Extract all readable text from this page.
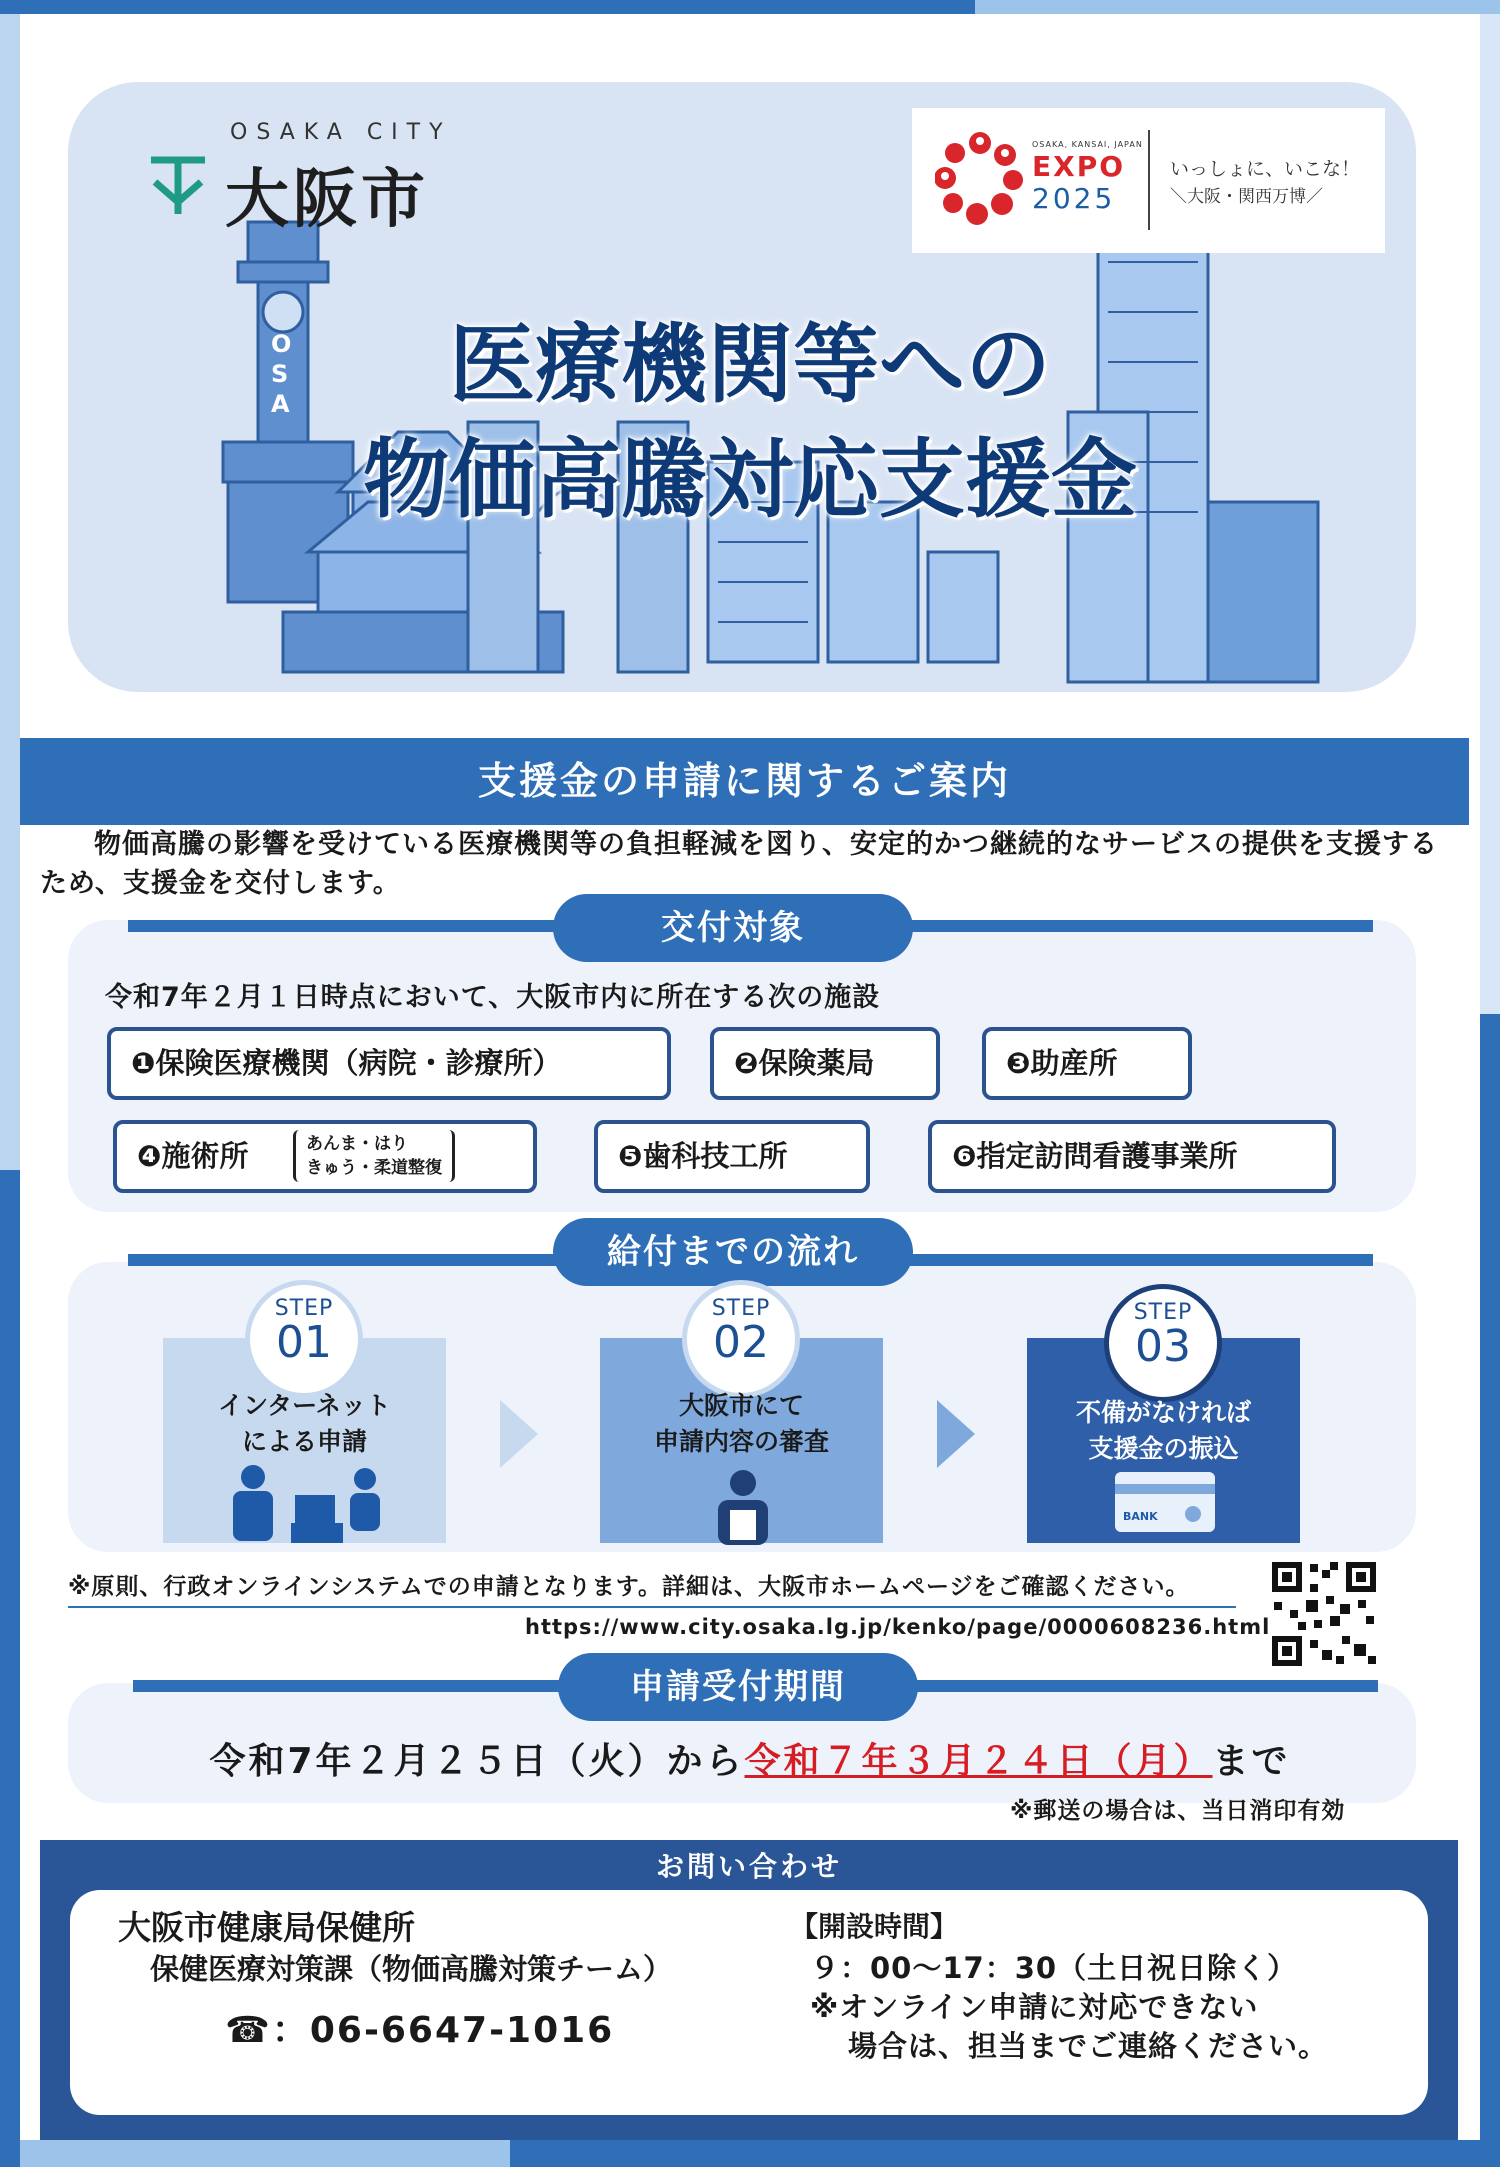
O
S
A
OSAKA CITY
大阪市
OSAKA, KANSAI, JAPAN
EXPO
2025
いっしょに、いこな！
＼大阪・関西万博／
医療機関等への
物価高騰対応支援金
支援金の申請に関するご案内
物価高騰の影響を受けている医療機関等の負担軽減を図り、安定的かつ継続的なサービスの提供を支援するため、支援金を交付します。
交付対象
令和7年２月１日時点において、大阪市内に所在する次の施設
❶保険医療機関（病院・診療所）	❷保険薬局	❸助産所
❹施術所	あんま・はり
きゅう・柔道整復	❺歯科技工所	❻指定訪問看護事業所
給付までの流れ
STEP
01
インターネット
による申請
STEP
02
大阪市にて
申請内容の審査
STEP
03
不備がなければ
支援金の振込
BANK
※原則、行政オンラインシステムでの申請となります。詳細は、大阪市ホームページをご確認ください。
https://www.city.osaka.lg.jp/kenko/page/0000608236.html
申請受付期間
令和7年２月２５日（火）から令和７年３月２４日（月）まで
※郵送の場合は、当日消印有効
お問い合わせ
大阪市健康局保健所
保健医療対策課（物価高騰対策チーム）
☎：06-6647-1016
【開設時間】
９：00～17：30（土日祝日除く）
※オンライン申請に対応できない
場合は、担当までご連絡ください。
